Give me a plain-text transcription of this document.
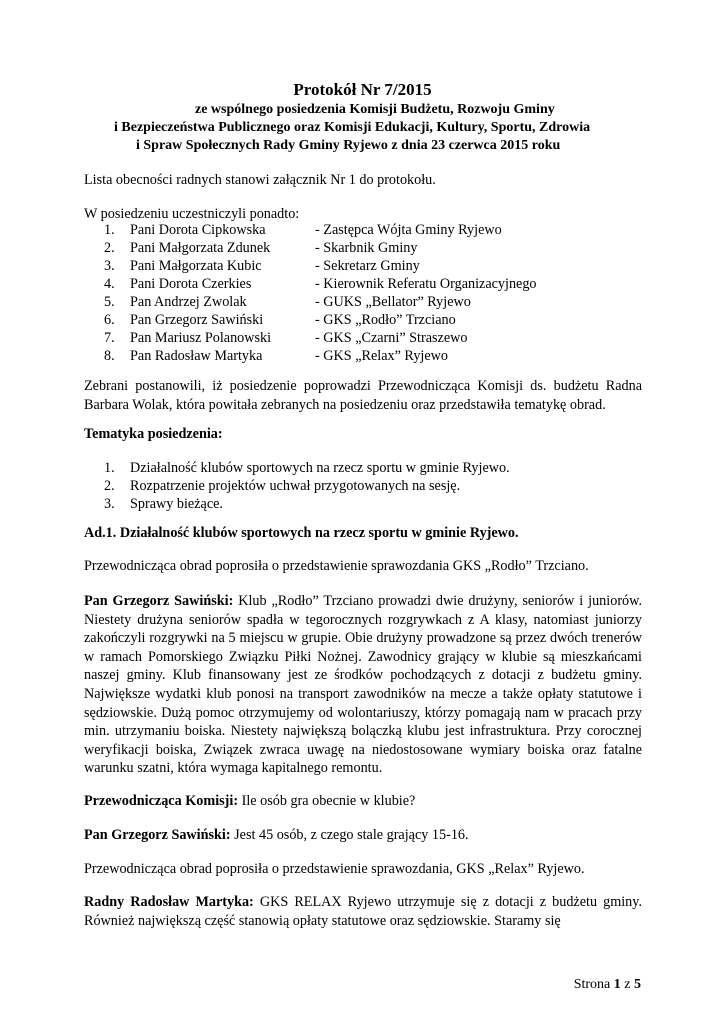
Protokół Nr 7/2015
ze wspólnego posiedzenia Komisji Budżetu, Rozwoju Gminy
i Bezpieczeństwa Publicznego oraz Komisji Edukacji, Kultury, Sportu, Zdrowia
i Spraw Społecznych Rady Gminy Ryjewo z dnia 23 czerwca 2015 roku
Lista obecności radnych stanowi załącznik Nr 1 do protokołu.
W posiedzeniu uczestniczyli ponadto:
1. Pani Dorota Cipkowska	- Zastępca Wójta Gminy Ryjewo
2. Pani Małgorzata Zdunek	- Skarbnik Gminy
3. Pani Małgorzata Kubic	- Sekretarz Gminy
4. Pani Dorota Czerkies	- Kierownik Referatu Organizacyjnego
5. Pan Andrzej Zwolak	- GUKS „Bellator” Ryjewo
6. Pan Grzegorz Sawiński	- GKS „Rodło” Trzciano
7. Pan Mariusz Polanowski	- GKS „Czarni” Straszewo
8. Pan Radosław Martyka	- GKS „Relax” Ryjewo

Zebrani postanowili, iż posiedzenie poprowadzi Przewodnicząca Komisji ds. budżetu Radna Barbara Wolak, która powitała zebranych na posiedzeniu oraz przedstawiła tematykę obrad.

Tematyka posiedzenia:
1. Działalność klubów sportowych na rzecz sportu w gminie Ryjewo.
2. Rozpatrzenie projektów uchwał przygotowanych na sesję.
3. Sprawy bieżące.
Ad.1. Działalność klubów sportowych na rzecz sportu w gminie Ryjewo.
Przewodnicząca obrad poprosiła o przedstawienie sprawozdania GKS „Rodło” Trzciano.

Pan Grzegorz Sawiński: Klub „Rodło” Trzciano prowadzi dwie drużyny, seniorów i juniorów. Niestety drużyna seniorów spadła w tegorocznych rozgrywkach z A klasy, natomiast juniorzy zakończyli rozgrywki na 5 miejscu w grupie. Obie drużyny prowadzone są przez dwóch trenerów w ramach Pomorskiego Związku Piłki Nożnej. Zawodnicy grający w klubie są mieszkańcami naszej gminy. Klub finansowany jest ze środków pochodzących z dotacji z budżetu gminy. Największe wydatki klub ponosi na transport zawodników na mecze a także opłaty statutowe i sędziowskie. Dużą pomoc otrzymujemy od wolontariuszy, którzy pomagają nam w pracach przy min. utrzymaniu boiska. Niestety największą bolączką klubu jest infrastruktura. Przy corocznej weryfikacji boiska, Związek zwraca uwagę na niedostosowane wymiary boiska oraz fatalne warunku szatni, która wymaga kapitalnego remontu.

Przewodnicząca Komisji: Ile osób gra obecnie w klubie?
Pan Grzegorz Sawiński: Jest 45 osób, z czego stale grający 15-16.
Przewodnicząca obrad poprosiła o przedstawienie sprawozdania, GKS „Relax” Ryjewo.

Radny Radosław Martyka: GKS RELAX Ryjewo utrzymuje się z dotacji z budżetu gminy. Również największą część stanowią opłaty statutowe oraz sędziowskie. Staramy się

Strona 1 z 5
